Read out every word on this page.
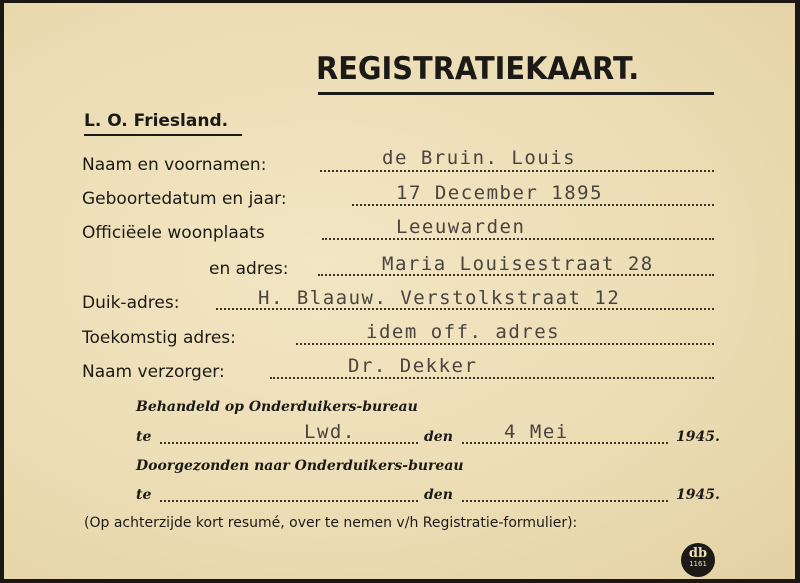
REGISTRATIEKAART.
L. O. Friesland.
Naam en voornamen:	de Bruin. Louis
Geboortedatum en jaar:	17 December 1895
Officiëele woonplaats	Leeuwarden
en adres:	Maria Louisestraat 28
Duik-adres:	H. Blaauw. Verstolkstraat 12
Toekomstig adres:	idem off. adres
Naam verzorger:	Dr. Dekker
Behandeld op Onderduikers-bureau
te	Lwd.	den	4 Mei	1945.
Doorgezonden naar Onderduikers-bureau
te	den	1945.
(Op achterzijde kort resumé, over te nemen v/h Registratie-formulier):
db
1161
